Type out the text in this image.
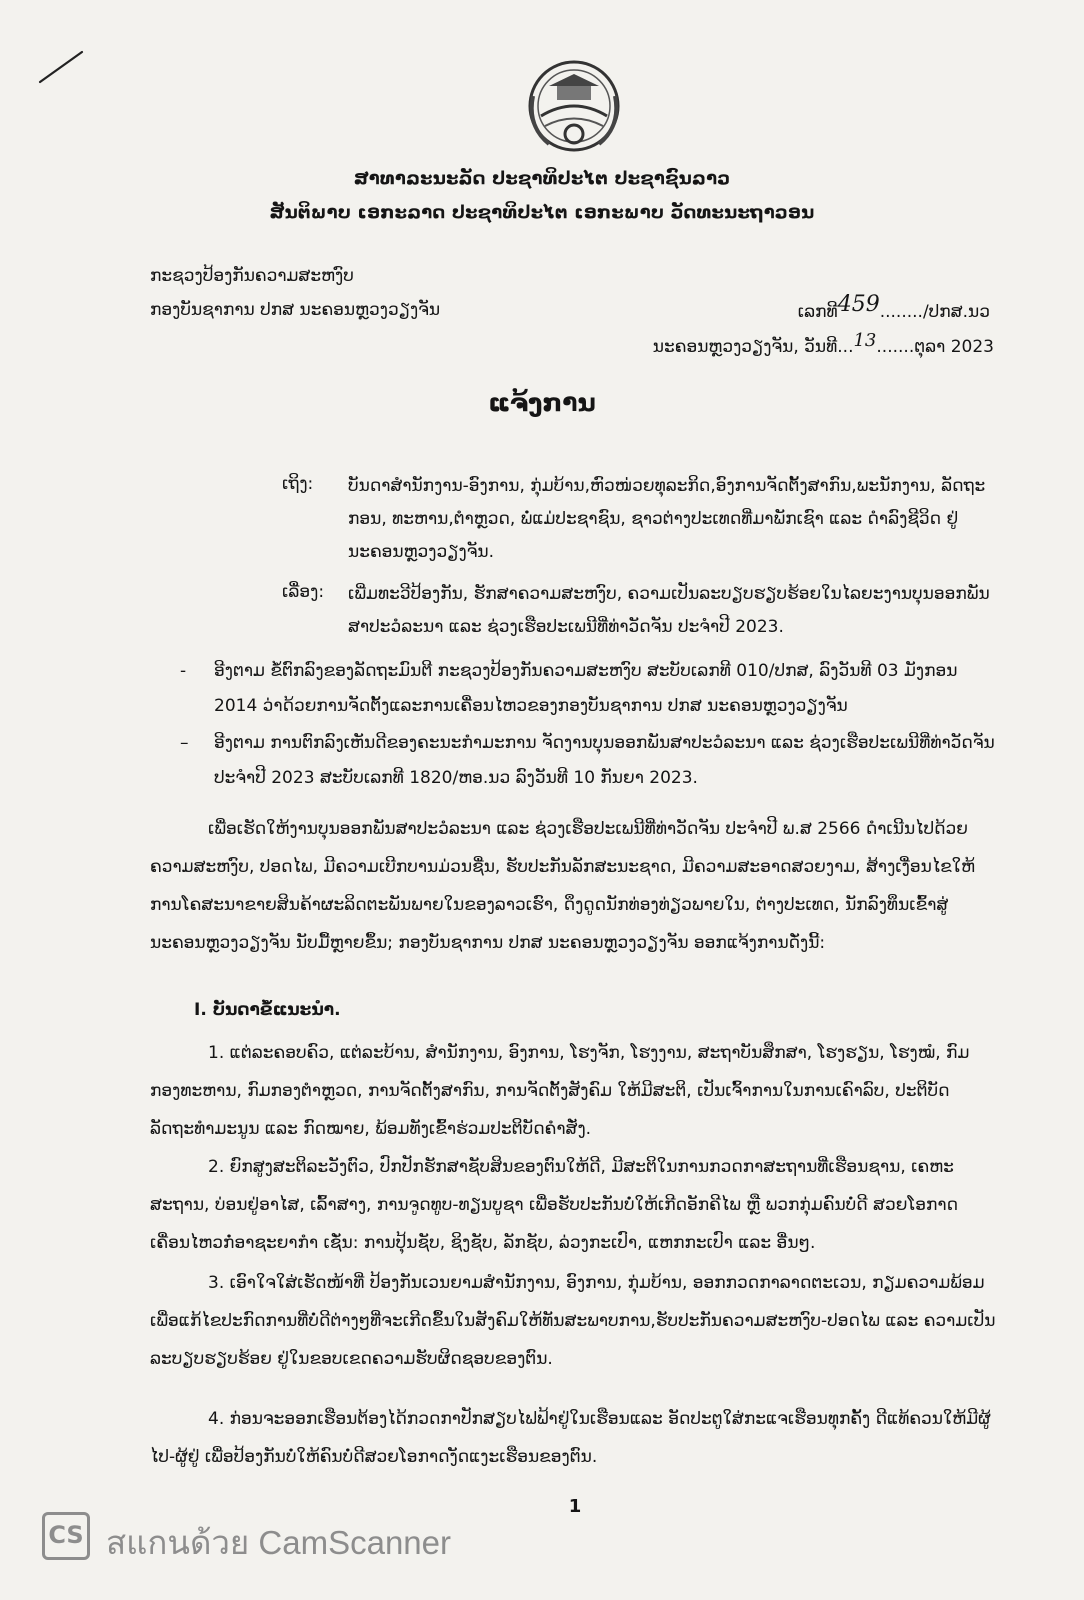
ສາທາລະນະລັດ ປະຊາທິປະໄຕ ປະຊາຊົນລາວ
ສັນຕິພາບ ເອກະລາດ ປະຊາທິປະໄຕ ເອກະພາບ ວັດທະນະຖາວອນ
ກະຊວງປ້ອງກັນຄວາມສະຫງົບ
ກອງບັນຊາການ ປກສ ນະຄອນຫຼວງວຽງຈັນ	ເລກທີ459......../ປກສ.ນວ
ນະຄອນຫຼວງວຽງຈັນ, ວັນທີ...13.......ຕຸລາ 2023
ແຈ້ງການ
ເຖິງ: ບັນດາສຳນັກງານ-ອົງການ, ກຸ່ມບ້ານ,ຫົວໜ່ວຍທຸລະກິດ,ອົງການຈັດຕັ້ງສາກົນ,ພະນັກງານ, ລັດຖະກອນ, ທະຫານ,ຕຳຫຼວດ, ພໍ່ແມ່ປະຊາຊົນ, ຊາວຕ່າງປະເທດທີ່ມາພັກເຊົາ ແລະ ດຳລົງຊີວິດ ຢູ່ນະຄອນຫຼວງວຽງຈັນ.
ເລື່ອງ: ເພີ່ມທະວີປ້ອງກັນ, ຮັກສາຄວາມສະຫງົບ, ຄວາມເປັນລະບຽບຮຽບຮ້ອຍໃນໄລຍະງານບຸນອອກພັນສາປະວໍລະນາ ແລະ ຊ່ວງເຮືອປະເພນີທີ່ທ່າວັດຈັນ ປະຈຳປີ 2023.
-	ອີງຕາມ ຂໍ້ຕົກລົງຂອງລັດຖະມົນຕີ ກະຊວງປ້ອງກັນຄວາມສະຫງົບ ສະບັບເລກທີ 010/ປກສ, ລົງວັນທີ 03 ມັງກອນ 2014 ວ່າດ້ວຍການຈັດຕັ້ງແລະການເຄື່ອນໄຫວຂອງກອງບັນຊາການ ປກສ ນະຄອນຫຼວງວຽງຈັນ
–	ອີງຕາມ ການຕົກລົງເຫັນດີຂອງຄະນະກຳມະການ ຈັດງານບຸນອອກພັນສາປະວໍລະນາ ແລະ ຊ່ວງເຮືອປະເພນີທີ່ທ່າວັດຈັນ ປະຈຳປີ 2023 ສະບັບເລກທີ 1820/ຫອ.ນວ ລົງວັນທີ 10 ກັນຍາ 2023.
ເພື່ອເຮັດໃຫ້ງານບຸນອອກພັນສາປະວໍລະນາ ແລະ ຊ່ວງເຮືອປະເພນີທີ່ທ່າວັດຈັນ ປະຈຳປີ ພ.ສ 2566 ດຳເນີນໄປດ້ວຍຄວາມສະຫງົບ, ປອດໄພ, ມີຄວາມເບີກບານມ່ວນຊື່ນ, ຮັບປະກັນລັກສະນະຊາດ, ມີຄວາມສະອາດສວຍງາມ, ສ້າງເງື່ອນໄຂໃຫ້ການໂຄສະນາຂາຍສິນຄ້າຜະລິດຕະພັນພາຍໃນຂອງລາວເຮົາ, ດຶງດູດນັກທ່ອງທ່ຽວພາຍໃນ, ຕ່າງປະເທດ, ນັກລົງທຶນເຂົ້າສູ່ນະຄອນຫຼວງວຽງຈັນ ນັບມື້ຫຼາຍຂຶ້ນ; ກອງບັນຊາການ ປກສ ນະຄອນຫຼວງວຽງຈັນ ອອກແຈ້ງການດັ່ງນີ້:
I. ບັນດາຂໍ້ແນະນຳ.
1. ແຕ່ລະຄອບຄົວ, ແຕ່ລະບ້ານ, ສຳນັກງານ, ອົງການ, ໂຮງຈັກ, ໂຮງງານ, ສະຖາບັນສຶກສາ, ໂຮງຮຽນ, ໂຮງໝໍ, ກົມກອງທະຫານ, ກົມກອງຕຳຫຼວດ, ການຈັດຕັ້ງສາກົນ, ການຈັດຕັ້ງສັງຄົມ ໃຫ້ມີສະຕິ, ເປັນເຈົ້າການໃນການເຄົາລົບ, ປະຕິບັດລັດຖະທຳມະນູນ ແລະ ກົດໝາຍ, ພ້ອມທັງເຂົ້າຮ່ວມປະຕິບັດຄຳສັ່ງ.
2. ຍົກສູງສະຕິລະວັງຕົວ, ປົກປັກຮັກສາຊັບສິນຂອງຕົນໃຫ້ດີ, ມີສະຕິໃນການກວດກາສະຖານທີ່ເຮືອນຊານ, ເຄຫະສະຖານ, ບ່ອນຢູ່ອາໄສ, ເລົ້າສາງ, ການຈູດທູບ-ທຽນບູຊາ ເພື່ອຮັບປະກັນບໍ່ໃຫ້ເກີດອັກຄີໄພ ຫຼື ພວກກຸ່ມຄົນບໍ່ດີ ສວຍໂອກາດເຄື່ອນໄຫວກໍ່ອາຊະຍາກຳ ເຊັ່ນ: ການປຸ້ນຊັບ, ຊິງຊັບ, ລັກຊັບ, ລ່ວງກະເປົາ, ແຫກກະເປົາ ແລະ ອື່ນໆ.
3. ເອົາໃຈໃສ່ເຮັດໜ້າທີ່ ປ້ອງກັນເວນຍາມສຳນັກງານ, ອົງການ, ກຸ່ມບ້ານ, ອອກກວດກາລາດຕະເວນ, ກຽມຄວາມພ້ອມເພື່ອແກ້ໄຂປະກົດການທີ່ບໍ່ດີຕ່າງໆທີ່ຈະເກີດຂຶ້ນໃນສັງຄົມໃຫ້ທັນສະພາບການ,ຮັບປະກັນຄວາມສະຫງົບ-ປອດໄພ ແລະ ຄວາມເປັນລະບຽບຮຽບຮ້ອຍ ຢູ່ໃນຂອບເຂດຄວາມຮັບຜິດຊອບຂອງຕົນ.
4. ກ່ອນຈະອອກເຮືອນຕ້ອງໄດ້ກວດກາປັກສຽບໄຟຟ້າຢູ່ໃນເຮືອນແລະ ອັດປະຕູໃສ່ກະແຈເຮືອນທຸກຄັ້ງ ດີແທ້ຄວນໃຫ້ມີຜູ້ໄປ-ຜູ້ຢູ່ ເພື່ອປ້ອງກັນບໍ່ໃຫ້ຄົນບໍ່ດີສວຍໂອກາດງັດແງະເຮືອນຂອງຕົນ.
1
CS สแกนด้วย CamScanner
